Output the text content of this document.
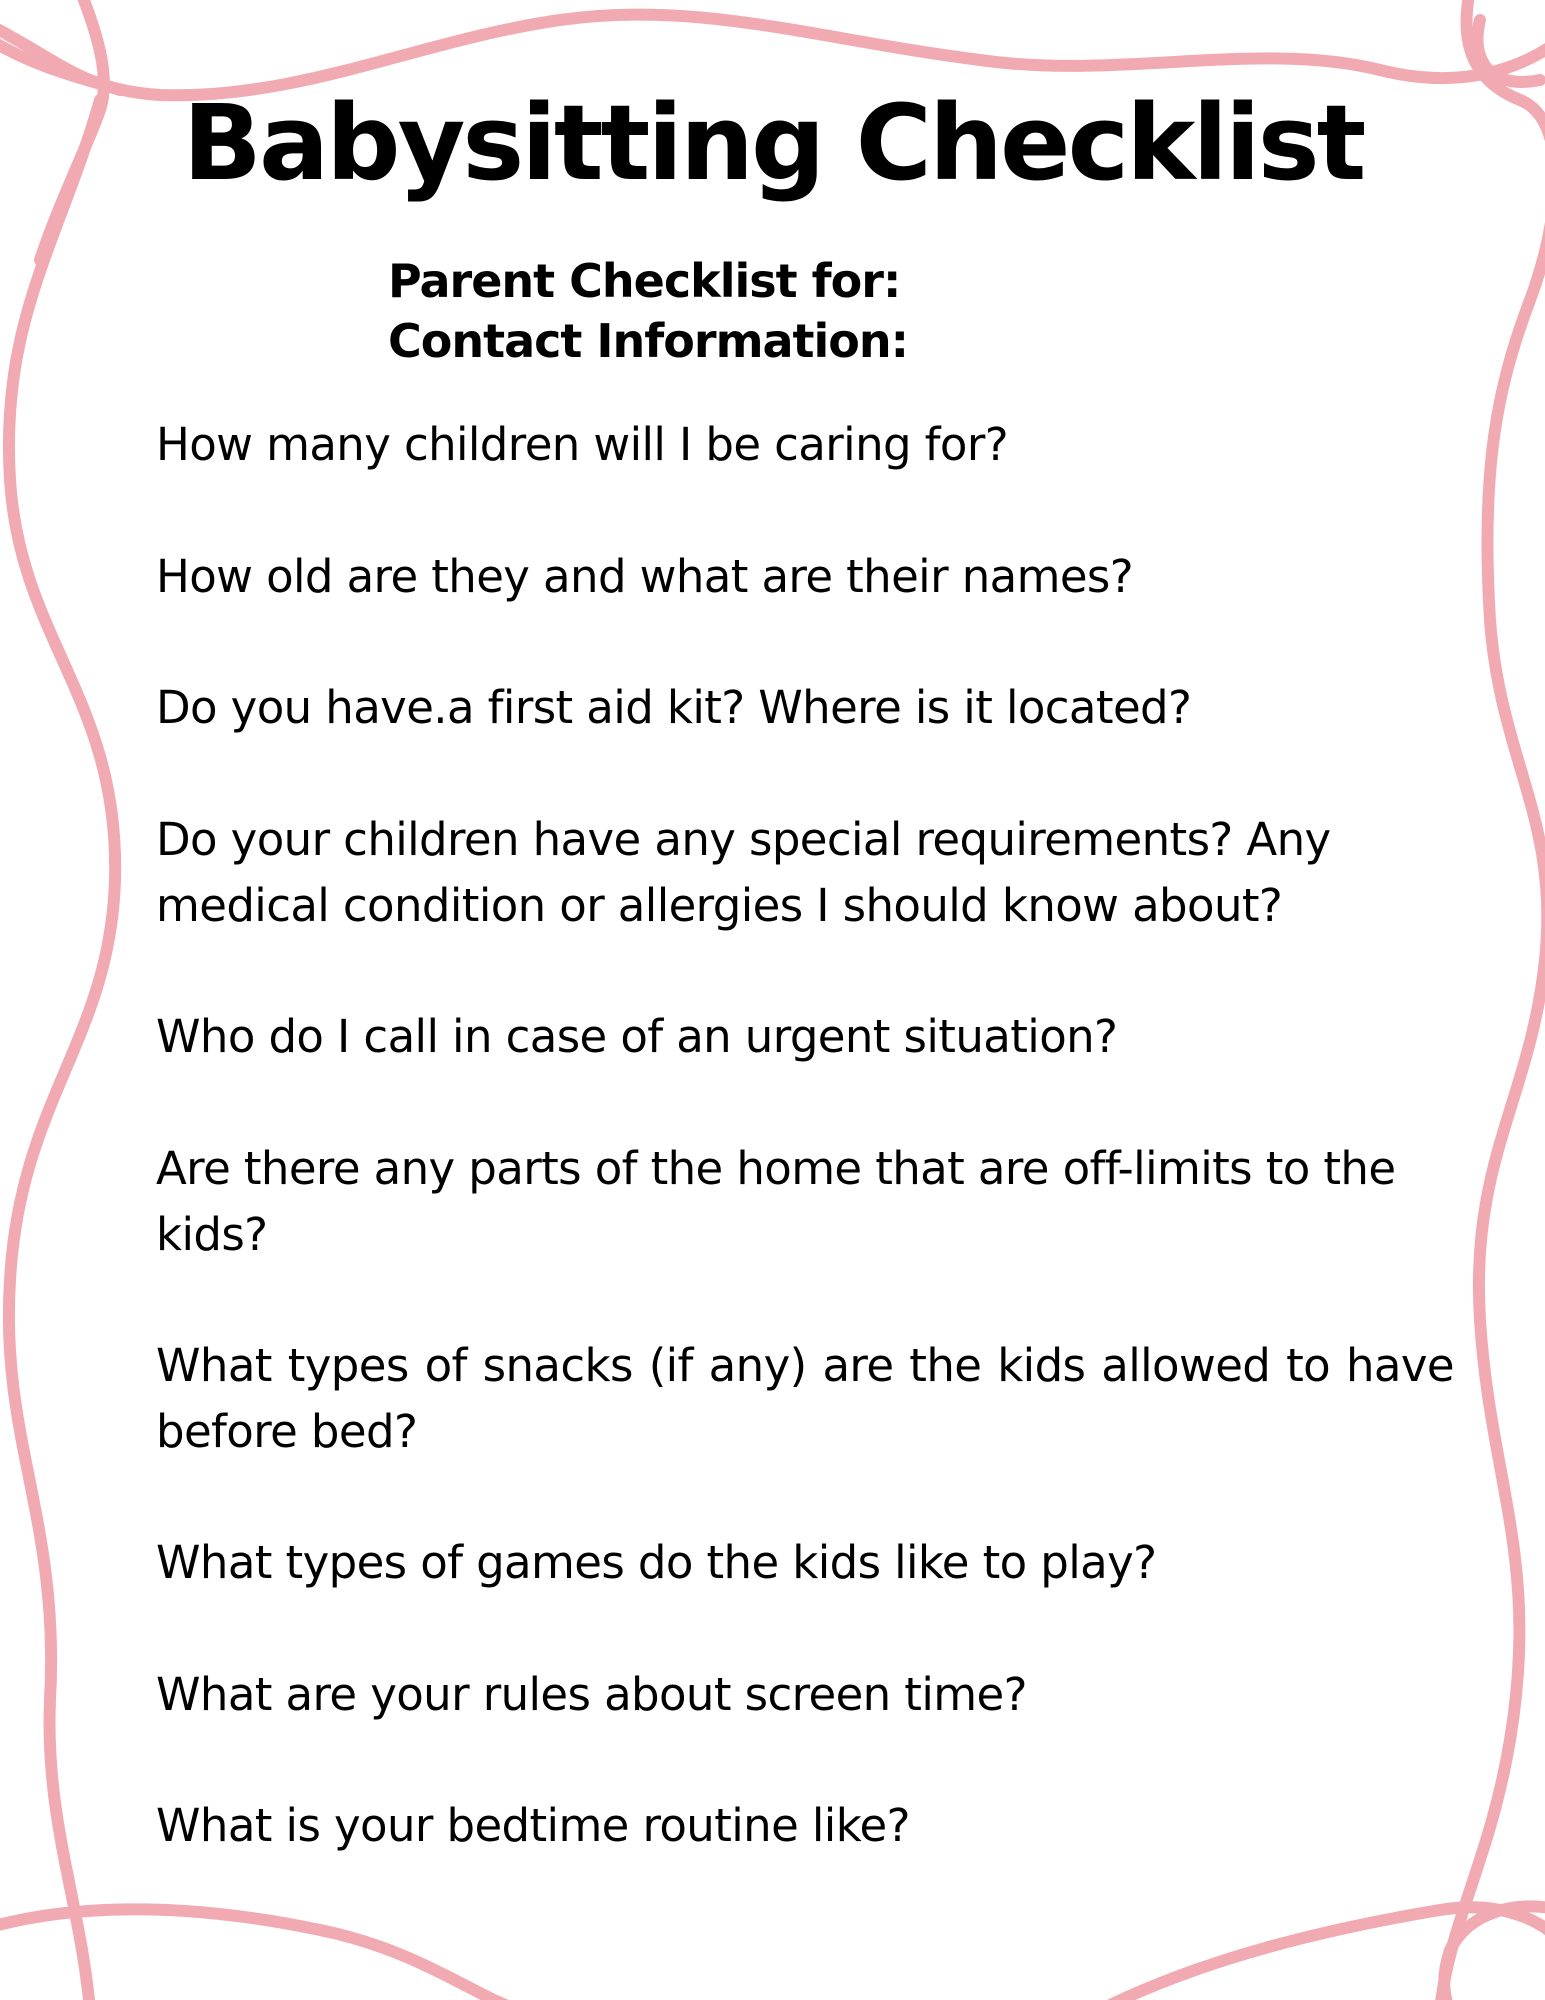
Babysitting Checklist
Parent Checklist for:
Contact Information:
How many children will I be caring for?
How old are they and what are their names?
Do you have.a first aid kit? Where is it located?
Do your children have any special requirements? Any medical condition or allergies I should know about?
Who do I call in case of an urgent situation?
Are there any parts of the home that are off-limits to the kids?
What types of snacks (if any) are the kids allowed to have before bed?
What types of games do the kids like to play?
What are your rules about screen time?
What is your bedtime routine like?
